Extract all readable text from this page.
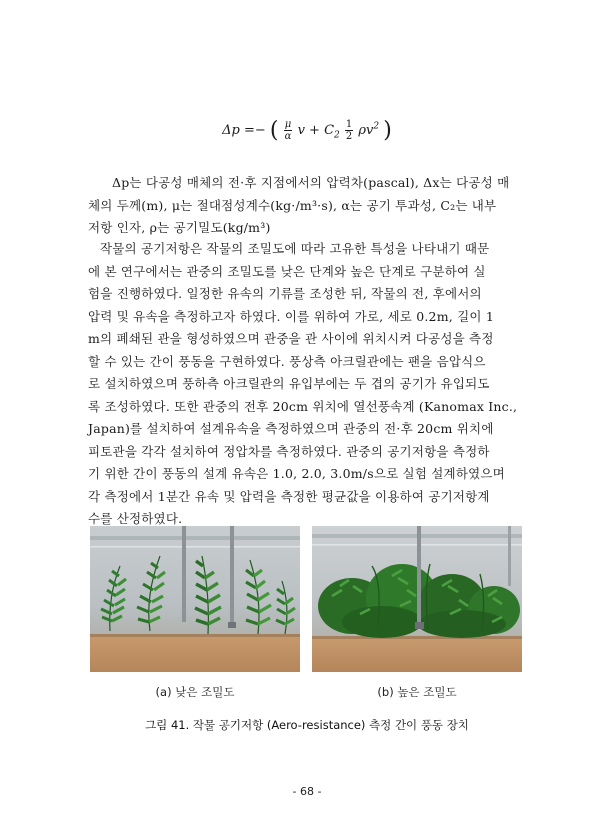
Δp =− ( $\frac{\mu}{\alpha}$ $v + C_2 \frac{1}{2} \rho v^2$ )
Δp는 다공성 매체의 전·후 지점에서의 압력차(pascal), Δx는 다공성 매
체의 두께(m), μ는 절대점성계수(kg·/m³·s), α는 공기 투과성, C₂는 내부
저항 인자, ρ는 공기밀도(kg/m³)
작물의 공기저항은 작물의 조밀도에 따라 고유한 특성을 나타내기 때문
에 본 연구에서는 관중의 조밀도를 낮은 단계와 높은 단계로 구분하여 실
험을 진행하였다. 일정한 유속의 기류를 조성한 뒤, 작물의 전, 후에서의
압력 및 유속을 측정하고자 하였다. 이를 위하여 가로, 세로 0.2m, 길이 1
m의 폐쇄된 관을 형성하였으며 관중을 관 사이에 위치시켜 다공성을 측정
할 수 있는 간이 풍동을 구현하였다. 풍상측 아크릴관에는 팬을 음압식으
로 설치하였으며 풍하측 아크릴관의 유입부에는 두 겹의 공기가 유입되도
록 조성하였다. 또한 관중의 전후 20cm 위치에 열선풍속계 (Kanomax Inc.,
Japan)를 설치하여 설계유속을 측정하였으며 관중의 전·후 20cm 위치에
피토관을 각각 설치하여 정압차를 측정하였다. 관중의 공기저항을 측정하
기 위한 간이 풍동의 설계 유속은 1.0, 2.0, 3.0m/s으로 실험 설계하였으며
각 측정에서 1분간 유속 및 압력을 측정한 평균값을 이용하여 공기저항계
수를 산정하였다.
(a) 낮은 조밀도	(b) 높은 조밀도
그림 41. 작물 공기저항 (Aero-resistance) 측정 간이 풍동 장치
- 68 -
